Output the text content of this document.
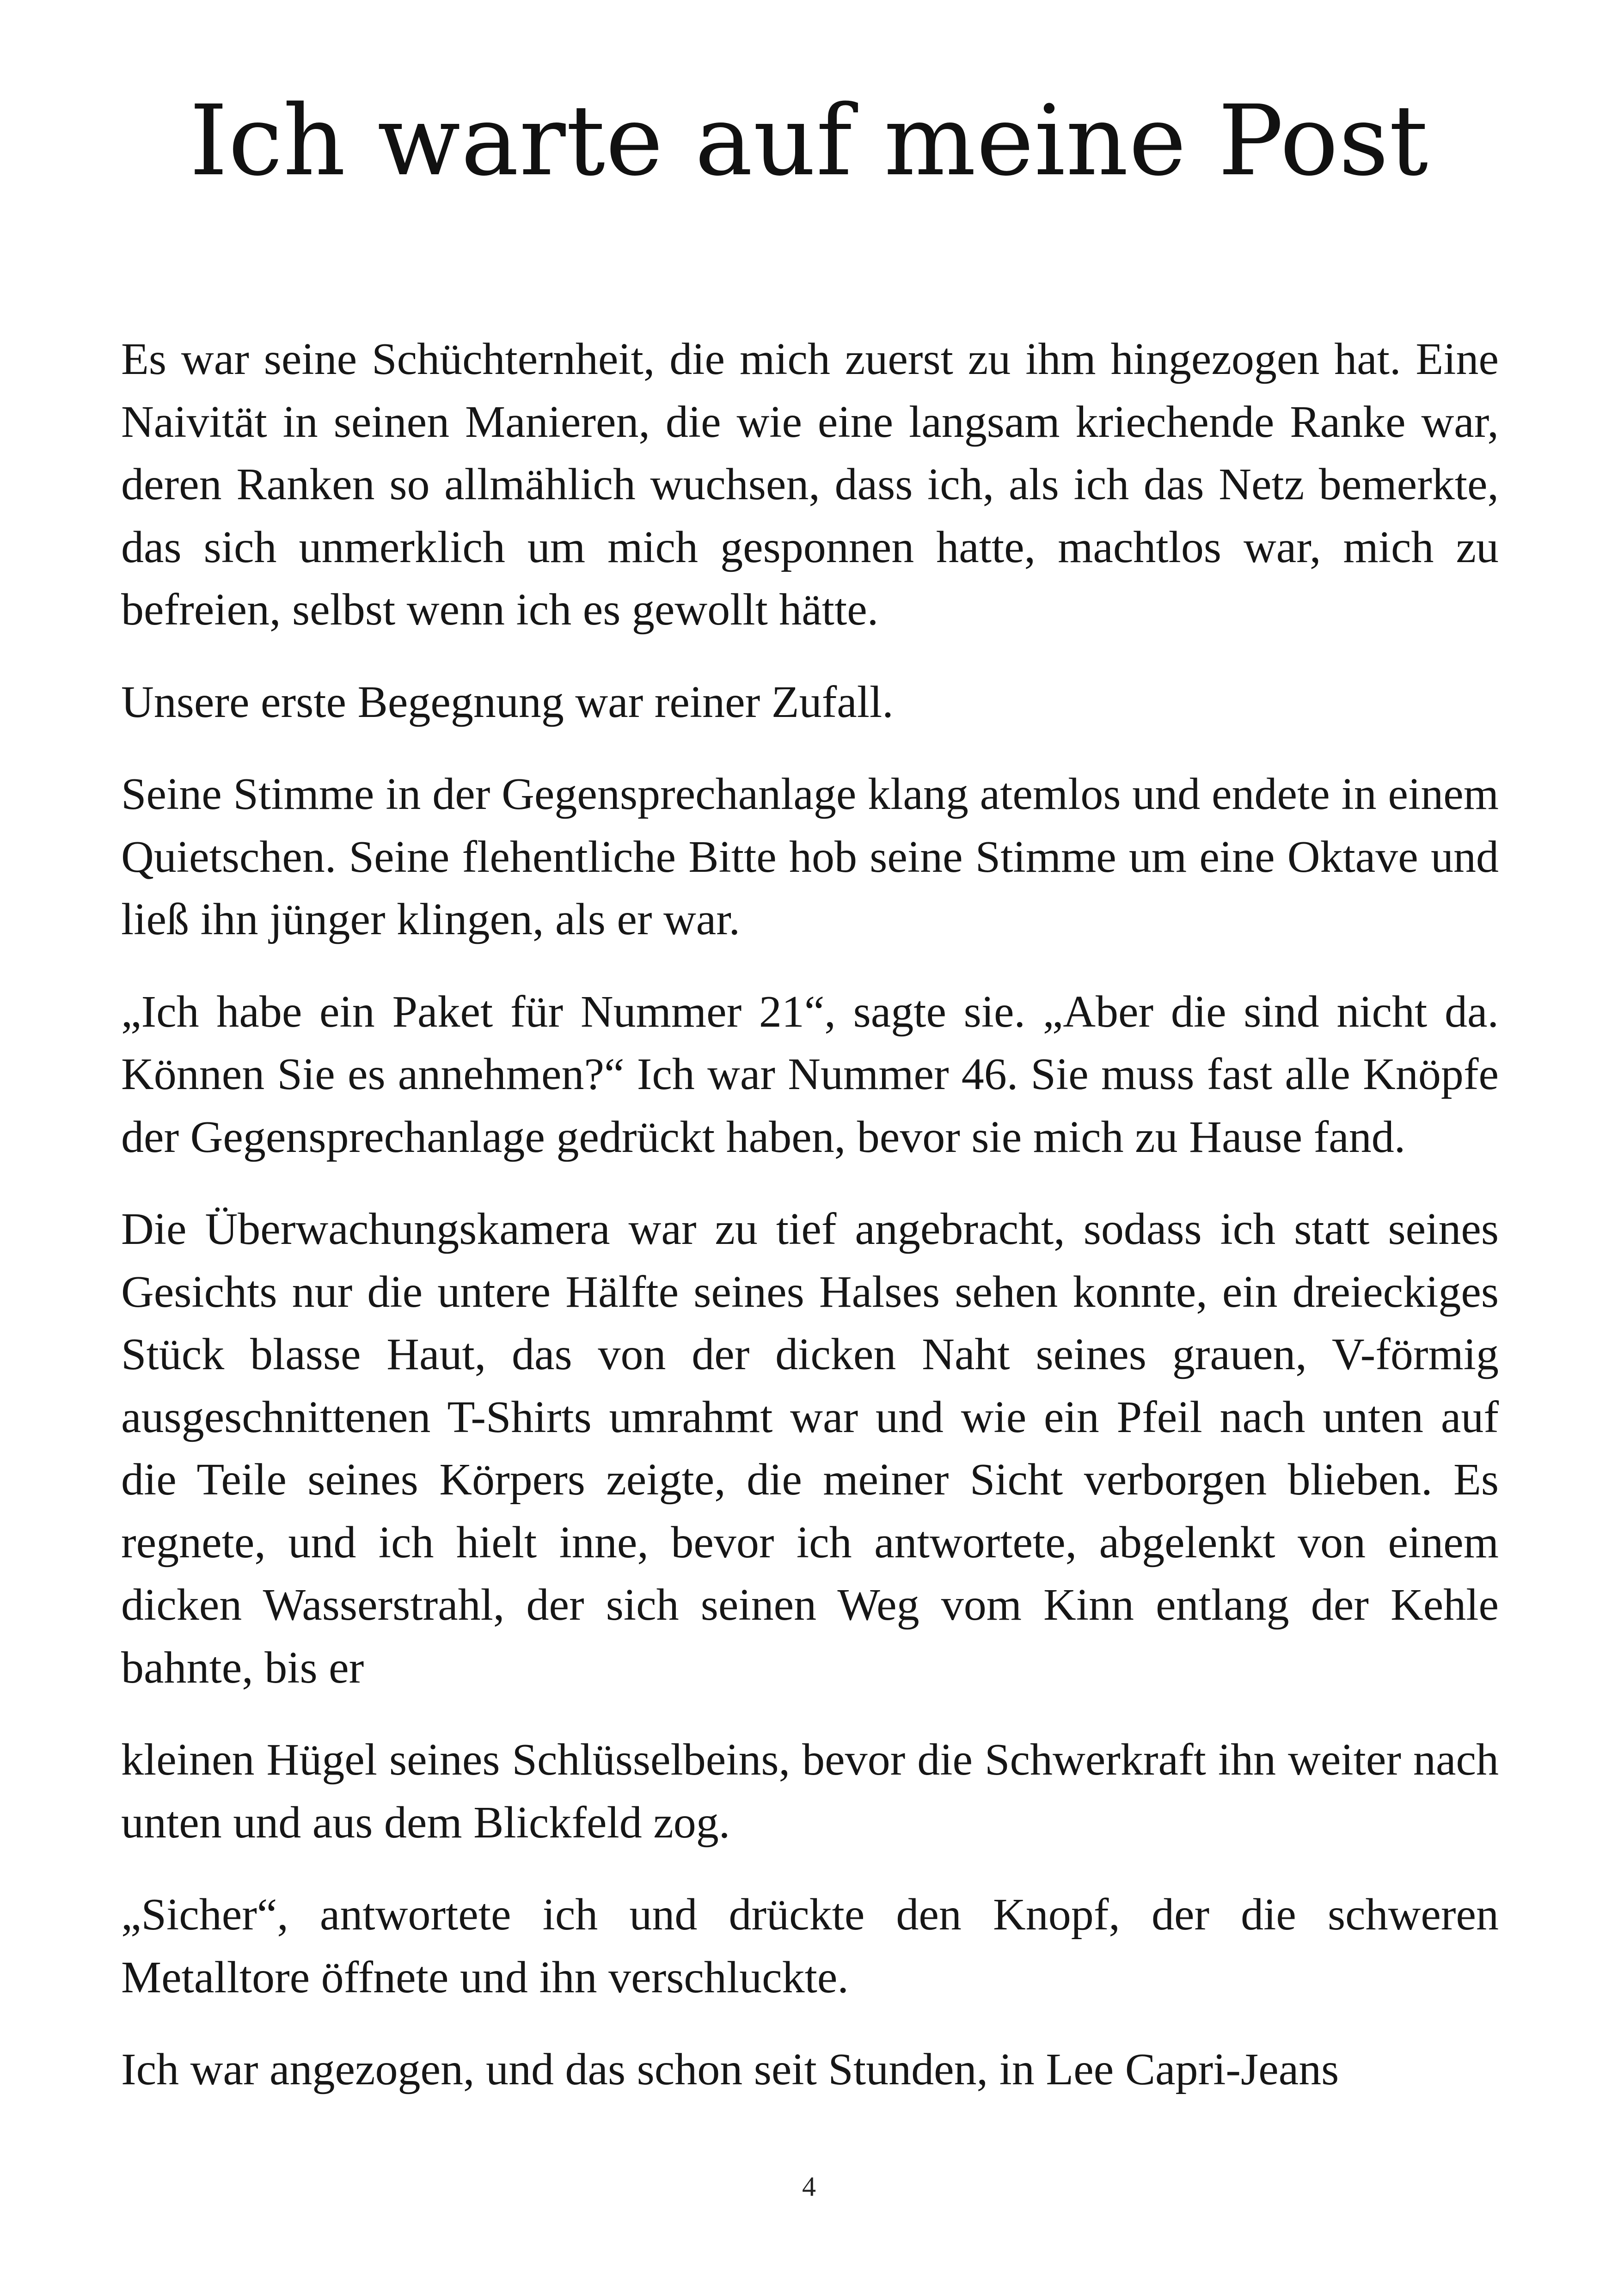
Ich warte auf meine Post

Es war seine Schüchternheit, die mich zuerst zu ihm hingezogen hat. Eine Naivität in seinen Manieren, die wie eine langsam kriechende Ranke war, deren Ranken so allmählich wuchsen, dass ich, als ich das Netz bemerkte, das sich unmerklich um mich gesponnen hatte, machtlos war, mich zu befreien, selbst wenn ich es gewollt hätte.

Unsere erste Begegnung war reiner Zufall.

Seine Stimme in der Gegensprechanlage klang atemlos und endete in einem Quietschen. Seine flehentliche Bitte hob seine Stimme um eine Oktave und ließ ihn jünger klingen, als er war.

„Ich habe ein Paket für Nummer 21“, sagte sie. „Aber die sind nicht da. Können Sie es annehmen?“ Ich war Nummer 46. Sie muss fast alle Knöpfe der Gegensprechanlage gedrückt haben, bevor sie mich zu Hause fand.

Die Überwachungskamera war zu tief angebracht, sodass ich statt seines Gesichts nur die untere Hälfte seines Halses sehen konnte, ein dreieckiges Stück blasse Haut, das von der dicken Naht seines grauen, V-förmig ausgeschnittenen T-Shirts umrahmt war und wie ein Pfeil nach unten auf die Teile seines Körpers zeigte, die meiner Sicht verborgen blieben. Es regnete, und ich hielt inne, bevor ich antwortete, abgelenkt von einem dicken Wasserstrahl, der sich seinen Weg vom Kinn entlang der Kehle bahnte, bis er

kleinen Hügel seines Schlüsselbeins, bevor die Schwerkraft ihn weiter nach unten und aus dem Blickfeld zog.

„Sicher“, antwortete ich und drückte den Knopf, der die schweren Metalltore öffnete und ihn verschluckte.

Ich war angezogen, und das schon seit Stunden, in Lee Capri-Jeans

4
